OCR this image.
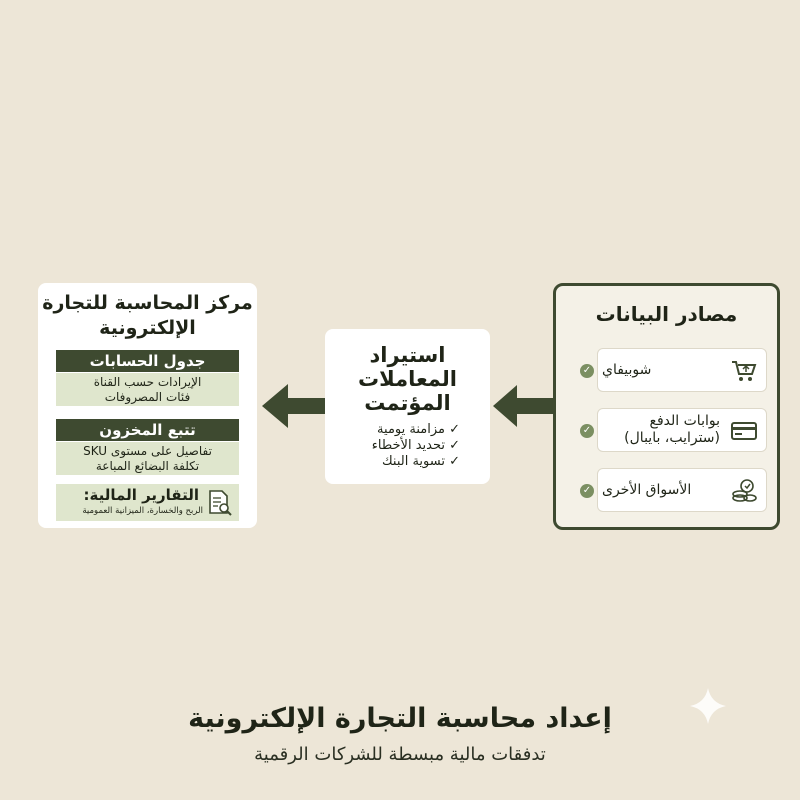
مصادر البيانات
شوبيفاي
✓
بوابات الدفع (سترايب، بايبال)
✓
الأسواق الأخرى
✓
استيراد المعاملات المؤتمت
✓ مزامنة يومية
✓ تحديد الأخطاء
✓ تسوية البنك
مركز المحاسبة للتجارة الإلكترونية
جدول الحسابات
الإيرادات حسب القناة
فئات المصروفات
تتبع المخزون
تفاصيل على مستوى SKU
تكلفة البضائع المباعة
التقارير المالية:
الربح والخسارة، الميزانية العمومية
إعداد محاسبة التجارة الإلكترونية
تدفقات مالية مبسطة للشركات الرقمية
